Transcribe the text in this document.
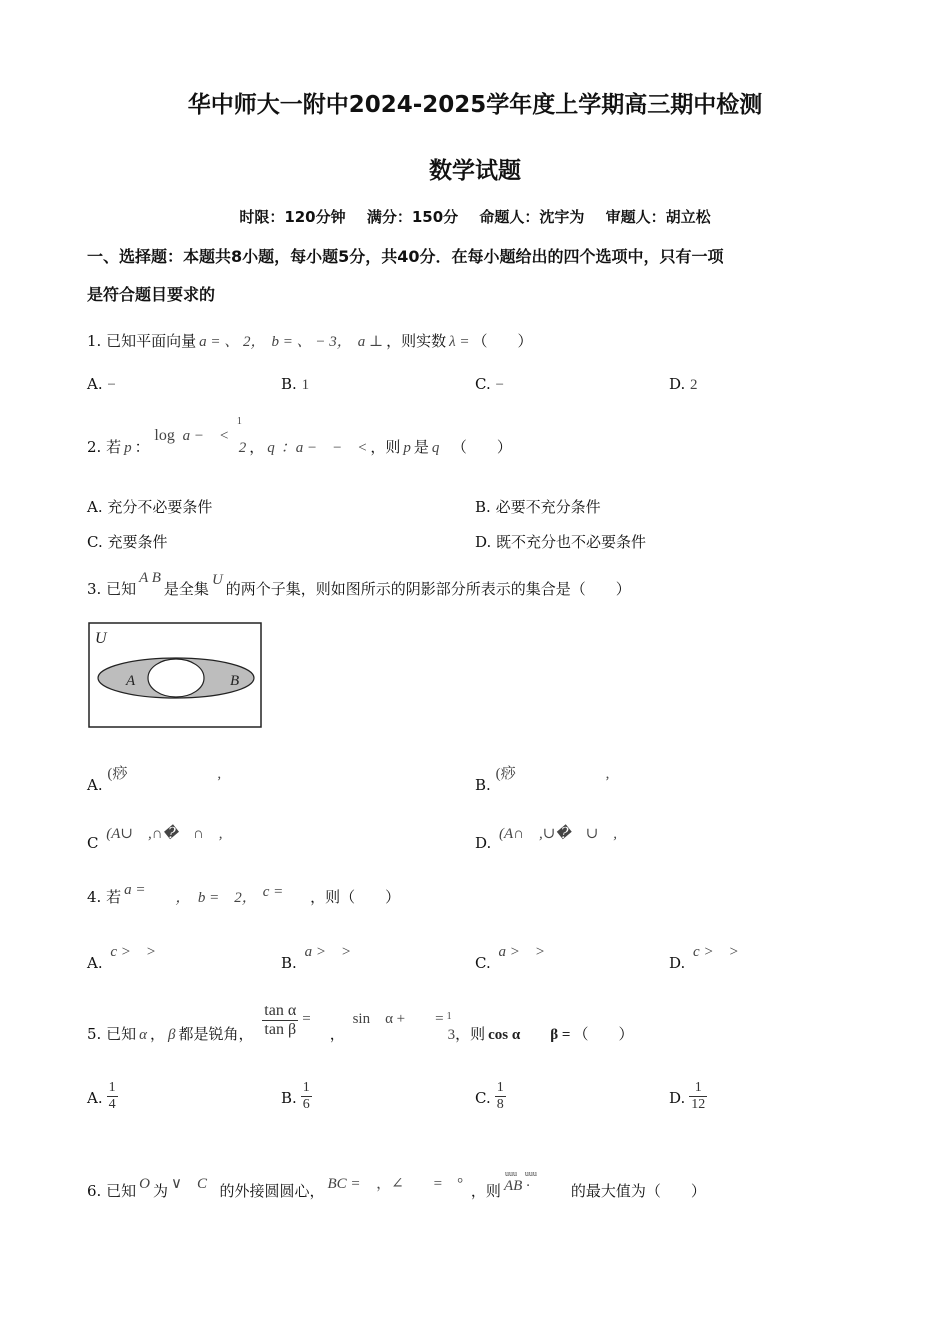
华中师大一附中2024-2025学年度上学期高三期中检测
数学试题
时限：120分钟 满分：150分 命题人：沈宇为 审题人：胡立松
一、选择题：本题共8小题，每小题5分，共40分．在每小题给出的四个选项中，只有一项
是符合题目要求的
1. 已知平面向量 a = 、 2， b = 、 − 3， a ⊥ ，则实数 λ = （　　）
A. −	B. 1	C. −	D. 2
2. 若 p ： log a −　< 1 2 ， q ：a −　−　< ，则 p 是 q （　　）
A. 充分不必要条件	B. 必要不充分条件
C. 充要条件	D. 既不充分也不必要条件
3. 已知A B是全集 U 的两个子集，则如图所示的阴影部分所表示的集合是（　　）
U
A	B
A. (痧　　　　　　,
B. (痧　　　　　　,
C (A∪　,∩�　∩　,	D. (A∩　,∪�　∪　,
4. 若 a = ，　b =　2， c = ，则（　　）
A. c >　>
B. a >　>
C. a >　>
D. c >　>
5. 已知 α ， β 都是锐角， $\frac{\text{tan α}}{\text{tan β}}$ =    ， sin　α +　　= 13，则 cos α　　β = （　　）
A. $\frac{1}{4}$	B. $\frac{1}{6}$	C. $\frac{1}{8}$	D. $\frac{1}{12}$
6. 已知 O 为 ∨　C 的外接圆圆心， BC = ，∠　　=　° ，则
uuu　uuu
AB ·	的最大值为（　　）
